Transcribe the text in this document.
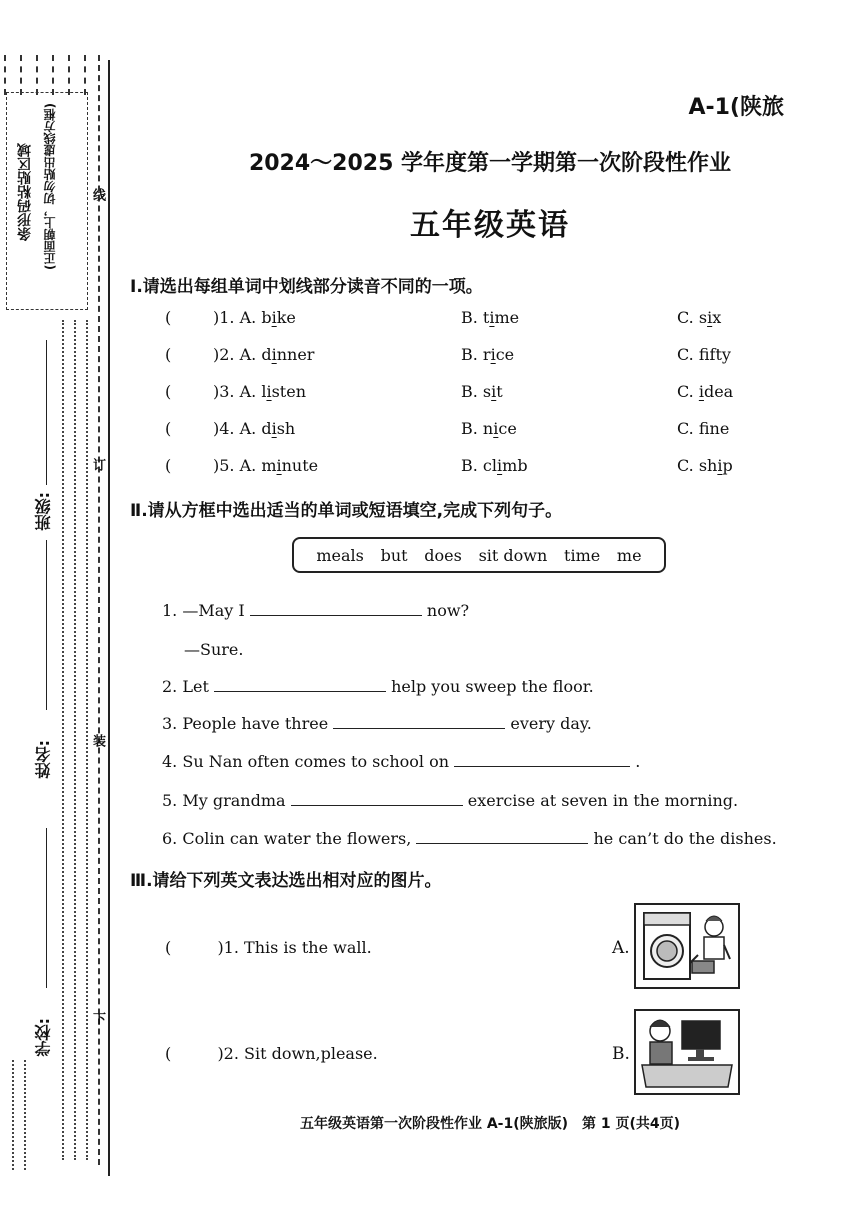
条形码粘贴区域 (正面朝上，切勿贴出虚线方框)
班级:
姓名:
学校:
线
订
装
下
A-1(陕旅
2024～2025 学年度第一学期第一次阶段性作业
五年级英语
Ⅰ.请选出每组单词中划线部分读音不同的一项。
(	)1. A. bike	B. time	C. six
(	)2. A. dinner	B. rice	C. ffty
(	)3. A. listen	B. sit	C. idea
(	)4. A. dish	B. nice	C. fne
(	)5. A. minute	B. climb	C. ship
Ⅱ.请从方框中选出适当的单词或短语填空,完成下列句子。
meals but does sit down time me
1. —May I	now?
—Sure.
2. Let	help you sweep the floor.
3. People have three	every day.
4. Su Nan often comes to school on	.
5. My grandma	exercise at seven in the morning.
6. Colin can water the flowers,	he can’t do the dishes.
Ⅲ.请给下列英文表达选出相对应的图片。
(	)1. This is the wall.	A.
(	)2. Sit down,please.	B.
五年级英语第一次阶段性作业 A-1(陕旅版)　第 1 页(共4页)
